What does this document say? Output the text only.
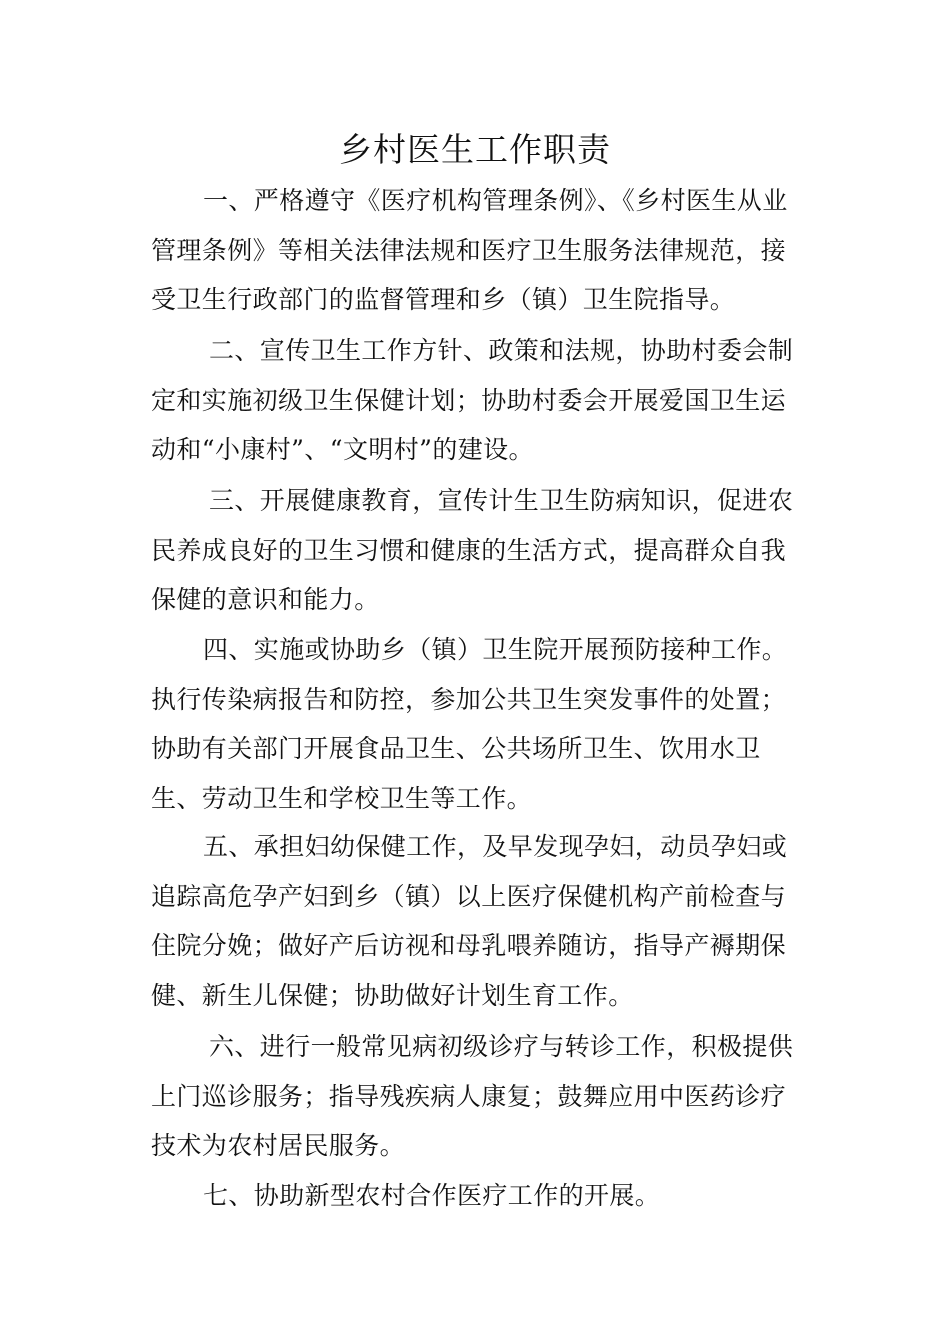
乡村医生工作职责
一、严格遵守《医疗机构管理条例》、《乡村医生从业管理条例》等相关法律法规和医疗卫生服务法律规范，接受卫生行政部门的监督管理和乡（镇）卫生院指导。
二、宣传卫生工作方针、政策和法规，协助村委会制定和实施初级卫生保健计划；协助村委会开展爱国卫生运动和“小康村”、“文明村”的建设。
三、开展健康教育，宣传计生卫生防病知识，促进农民养成良好的卫生习惯和健康的生活方式，提高群众自我保健的意识和能力。
四、实施或协助乡（镇）卫生院开展预防接种工作。执行传染病报告和防控，参加公共卫生突发事件的处置；协助有关部门开展食品卫生、公共场所卫生、饮用水卫生、劳动卫生和学校卫生等工作。
五、承担妇幼保健工作，及早发现孕妇，动员孕妇或追踪高危孕产妇到乡（镇）以上医疗保健机构产前检查与住院分娩；做好产后访视和母乳喂养随访，指导产褥期保健、新生儿保健；协助做好计划生育工作。
六、进行一般常见病初级诊疗与转诊工作，积极提供上门巡诊服务；指导残疾病人康复；鼓舞应用中医药诊疗技术为农村居民服务。
七、协助新型农村合作医疗工作的开展。
